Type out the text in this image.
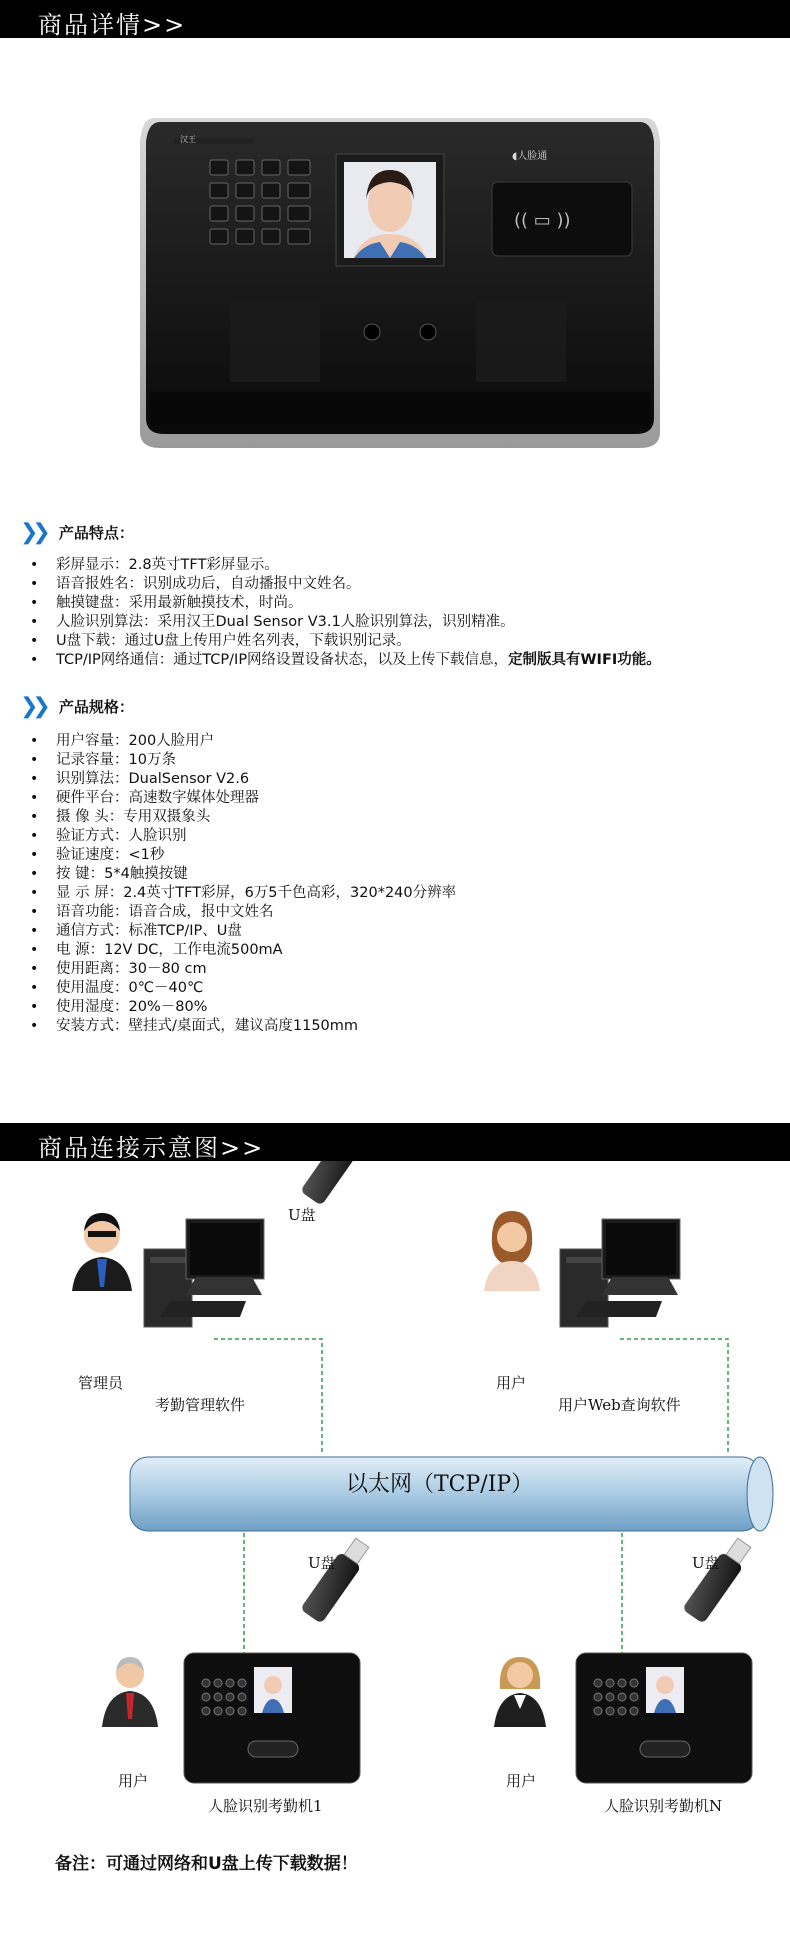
商品详情>>
汉王
◖人脸通
(( ▭ ))
❯❯ 产品特点：
• 彩屏显示：2.8英寸TFT彩屏显示。
• 语音报姓名：识别成功后，自动播报中文姓名。
• 触摸键盘：采用最新触摸技术，时尚。
• 人脸识别算法：采用汉王Dual Sensor V3.1人脸识别算法，识别精准。
• U盘下载：通过U盘上传用户姓名列表，下载识别记录。
• TCP/IP网络通信：通过TCP/IP网络设置设备状态，以及上传下载信息，定制版具有WIFI功能。
❯❯ 产品规格：
• 用户容量：200人脸用户
• 记录容量：10万条
• 识别算法：DualSensor V2.6
• 硬件平台：高速数字媒体处理器
• 摄 像 头：专用双摄象头
• 验证方式：人脸识别
• 验证速度：<1秒
• 按 键：5*4触摸按键
• 显 示 屏：2.4英寸TFT彩屏，6万5千色高彩，320*240分辨率
• 语音功能：语音合成，报中文姓名
• 通信方式：标准TCP/IP、U盘
• 电 源：12V DC，工作电流500mA
• 使用距离：30－80 cm
• 使用温度：0℃－40℃
• 使用湿度：20%－80%
• 安装方式：壁挂式/桌面式，建议高度1150mm
商品连接示意图>>
U盘
管理员
考勤管理软件
用户
用户Web查询软件
以太网（TCP/IP）
U盘	U盘
用户
人脸识别考勤机1
用户
人脸识别考勤机N
备注：可通过网络和U盘上传下载数据！
